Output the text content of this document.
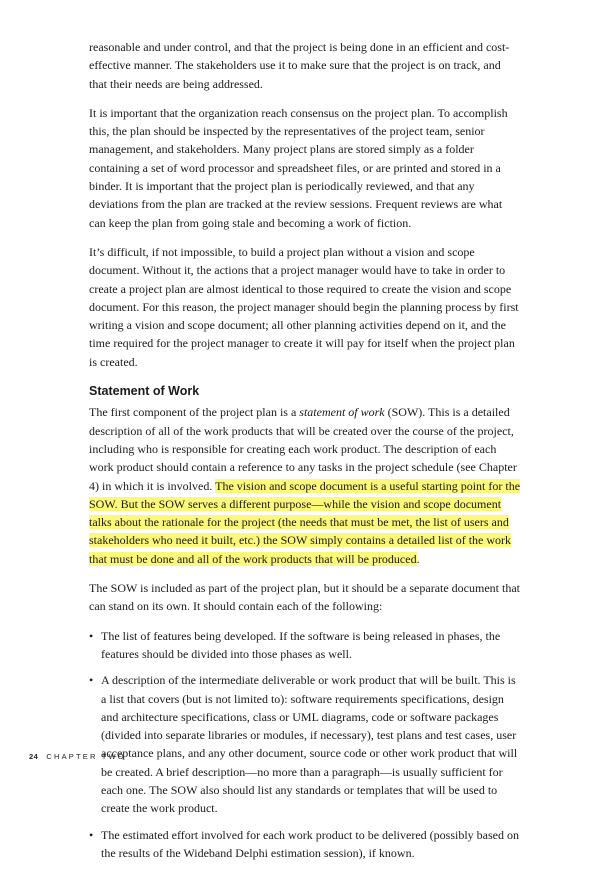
reasonable and under control, and that the project is being done in an efficient and cost-effective manner. The stakeholders use it to make sure that the project is on track, and that their needs are being addressed.

It is important that the organization reach consensus on the project plan. To accomplish this, the plan should be inspected by the representatives of the project team, senior management, and stakeholders. Many project plans are stored simply as a folder containing a set of word processor and spreadsheet files, or are printed and stored in a binder. It is important that the project plan is periodically reviewed, and that any deviations from the plan are tracked at the review sessions. Frequent reviews are what can keep the plan from going stale and becoming a work of fiction.

It’s difficult, if not impossible, to build a project plan without a vision and scope document. Without it, the actions that a project manager would have to take in order to create a project plan are almost identical to those required to create the vision and scope document. For this reason, the project manager should begin the planning process by first writing a vision and scope document; all other planning activities depend on it, and the time required for the project manager to create it will pay for itself when the project plan is created.

Statement of Work

The first component of the project plan is a statement of work (SOW). This is a detailed description of all of the work products that will be created over the course of the project, including who is responsible for creating each work product. The description of each work product should contain a reference to any tasks in the project schedule (see Chapter 4) in which it is involved. The vision and scope document is a useful starting point for the SOW. But the SOW serves a different purpose—while the vision and scope document talks about the rationale for the project (the needs that must be met, the list of users and stakeholders who need it built, etc.) the SOW simply contains a detailed list of the work that must be done and all of the work products that will be produced.

The SOW is included as part of the project plan, but it should be a separate document that can stand on its own. It should contain each of the following:

• The list of features being developed. If the software is being released in phases, the features should be divided into those phases as well.
• A description of the intermediate deliverable or work product that will be built. This is a list that covers (but is not limited to): software requirements specifications, design and architecture specifications, class or UML diagrams, code or software packages (divided into separate libraries or modules, if necessary), test plans and test cases, user acceptance plans, and any other document, source code or other work product that will be created. A brief description—no more than a paragraph—is usually sufficient for each one. The SOW also should list any standards or templates that will be used to create the work product.
• The estimated effort involved for each work product to be delivered (possibly based on the results of the Wideband Delphi estimation session), if known.
24 CHAPTER TWO
